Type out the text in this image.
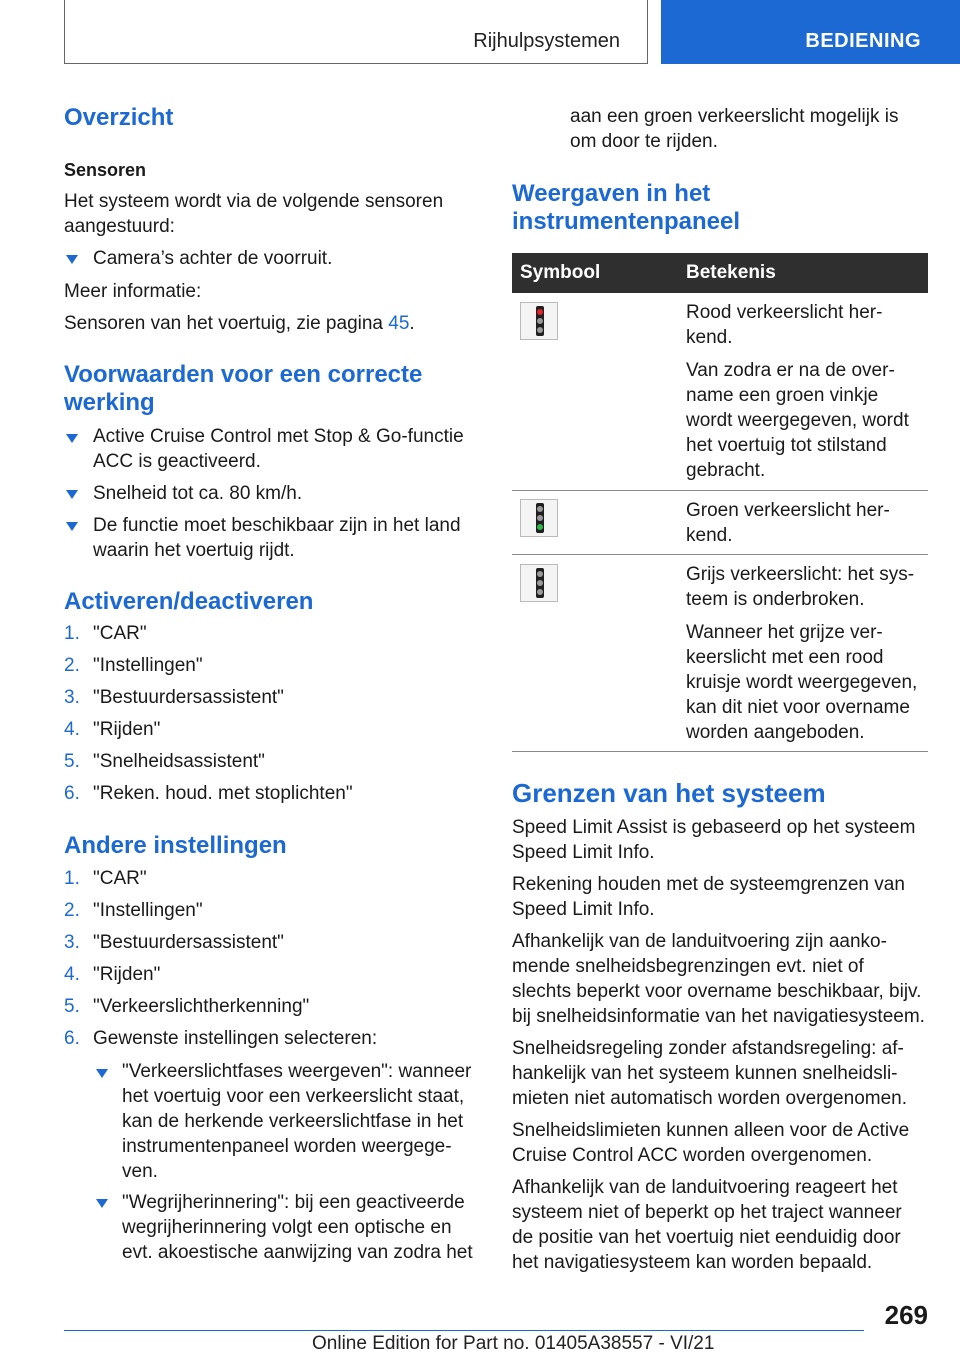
Rijhulpsystemen	BEDIENING
Overzicht
Sensoren
Het systeem wordt via de volgende sensoren
aangestuurd:
Camera’s achter de voorruit.
Meer informatie:
Sensoren van het voertuig, zie pagina 45.
Voorwaarden voor een correcte
werking
Active Cruise Control met Stop & Go-functie
ACC is geactiveerd.
Snelheid tot ca. 80 km/h.
De functie moet beschikbaar zijn in het land
waarin het voertuig rijdt.
Activeren/deactiveren
1. "CAR"
2. "Instellingen"
3. "Bestuurdersassistent"
4. "Rijden"
5. "Snelheidsassistent"
6. "Reken. houd. met stoplichten"
Andere instellingen
1. "CAR"
2. "Instellingen"
3. "Bestuurdersassistent"
4. "Rijden"
5. "Verkeerslichtherkenning"
6. Gewenste instellingen selecteren:
"Verkeerslichtfases weergeven": wanneer
het voertuig voor een verkeerslicht staat,
kan de herkende verkeerslichtfase in het
instrumentenpaneel worden weergege-
ven.
"Wegrijherinnering": bij een geactiveerde
wegrijherinnering volgt een optische en
evt. akoestische aanwijzing van zodra het
aan een groen verkeerslicht mogelijk is
om door te rijden.
Weergaven in het
instrumentenpaneel
Symbool	Betekenis
Rood verkeerslicht her-
kend.
Van zodra er na de over-
name een groen vinkje
wordt weergegeven, wordt
het voertuig tot stilstand
gebracht.
Groen verkeerslicht her-
kend.
Grijs verkeerslicht: het sys-
teem is onderbroken.
Wanneer het grijze ver-
keerslicht met een rood
kruisje wordt weergegeven,
kan dit niet voor overname
worden aangeboden.
Grenzen van het systeem
Speed Limit Assist is gebaseerd op het systeem
Speed Limit Info.
Rekening houden met de systeemgrenzen van
Speed Limit Info.
Afhankelijk van de landuitvoering zijn aanko-
mende snelheidsbegrenzingen evt. niet of
slechts beperkt voor overname beschikbaar, bijv.
bij snelheidsinformatie van het navigatiesysteem.
Snelheidsregeling zonder afstandsregeling: af-
hankelijk van het systeem kunnen snelheidsli-
mieten niet automatisch worden overgenomen.
Snelheidslimieten kunnen alleen voor de Active
Cruise Control ACC worden overgenomen.
Afhankelijk van de landuitvoering reageert het
systeem niet of beperkt op het traject wanneer
de positie van het voertuig niet eenduidig door
het navigatiesysteem kan worden bepaald.
269
Online Edition for Part no. 01405A38557 - VI/21
